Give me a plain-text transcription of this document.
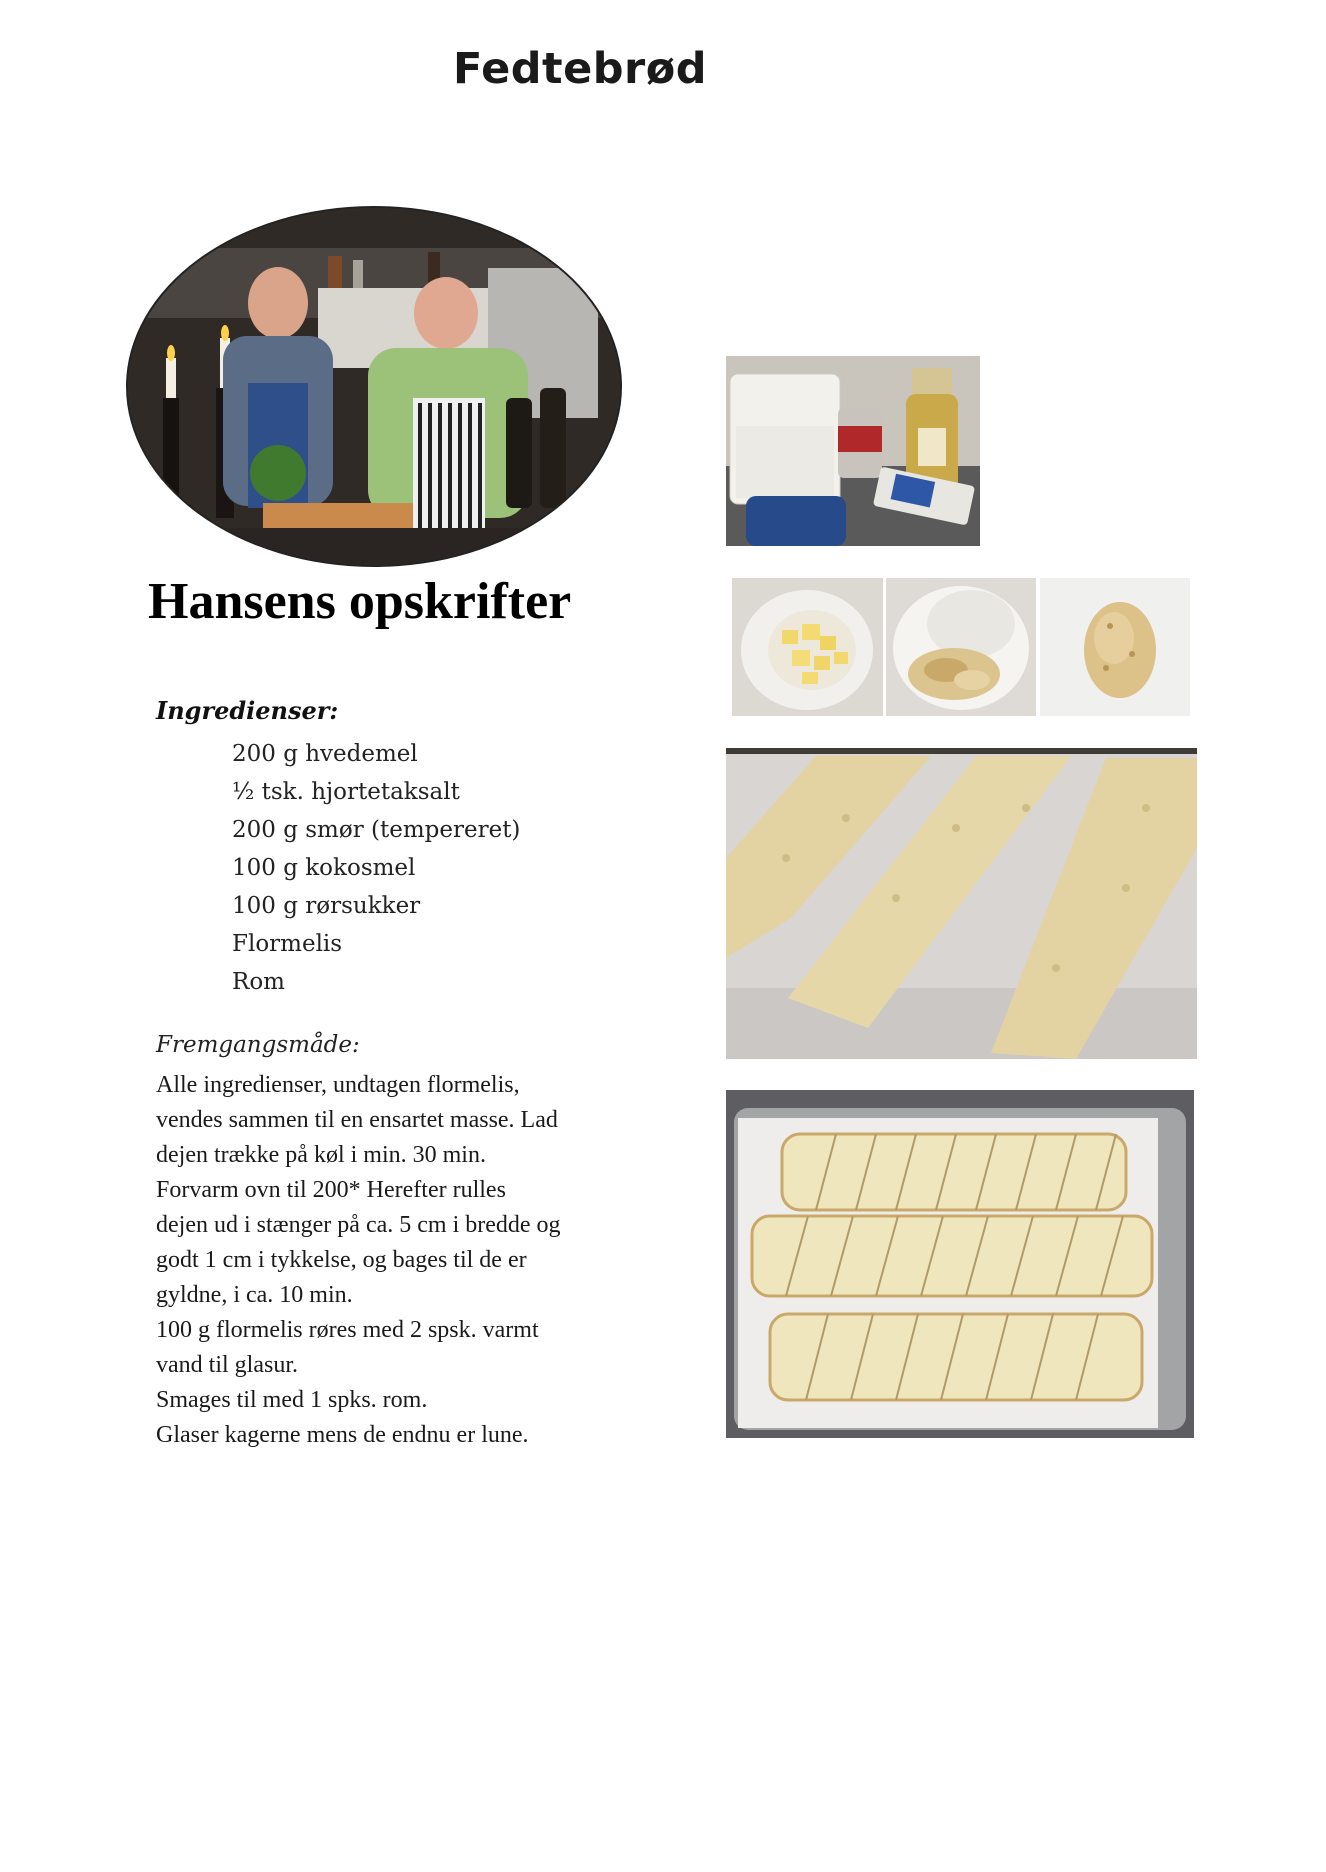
Fedtebrød
Hansens opskrifter
Ingredienser:
200 g hvedemel
½ tsk. hjortetaksalt
200 g smør (tempereret)
100 g kokosmel
100 g rørsukker
Flormelis
Rom
Fremgangsmåde:
Alle ingredienser, undtagen flormelis,
vendes sammen til en ensartet masse. Lad
dejen trække på køl i min. 30 min.
Forvarm ovn til 200* Herefter rulles
dejen ud i stænger på ca. 5 cm i bredde og
godt 1 cm i tykkelse, og bages til de er
gyldne, i ca. 10 min.
100 g flormelis røres med 2 spsk. varmt
vand til glasur.
Smages til med 1 spks. rom.
Glaser kagerne mens de endnu er lune.
